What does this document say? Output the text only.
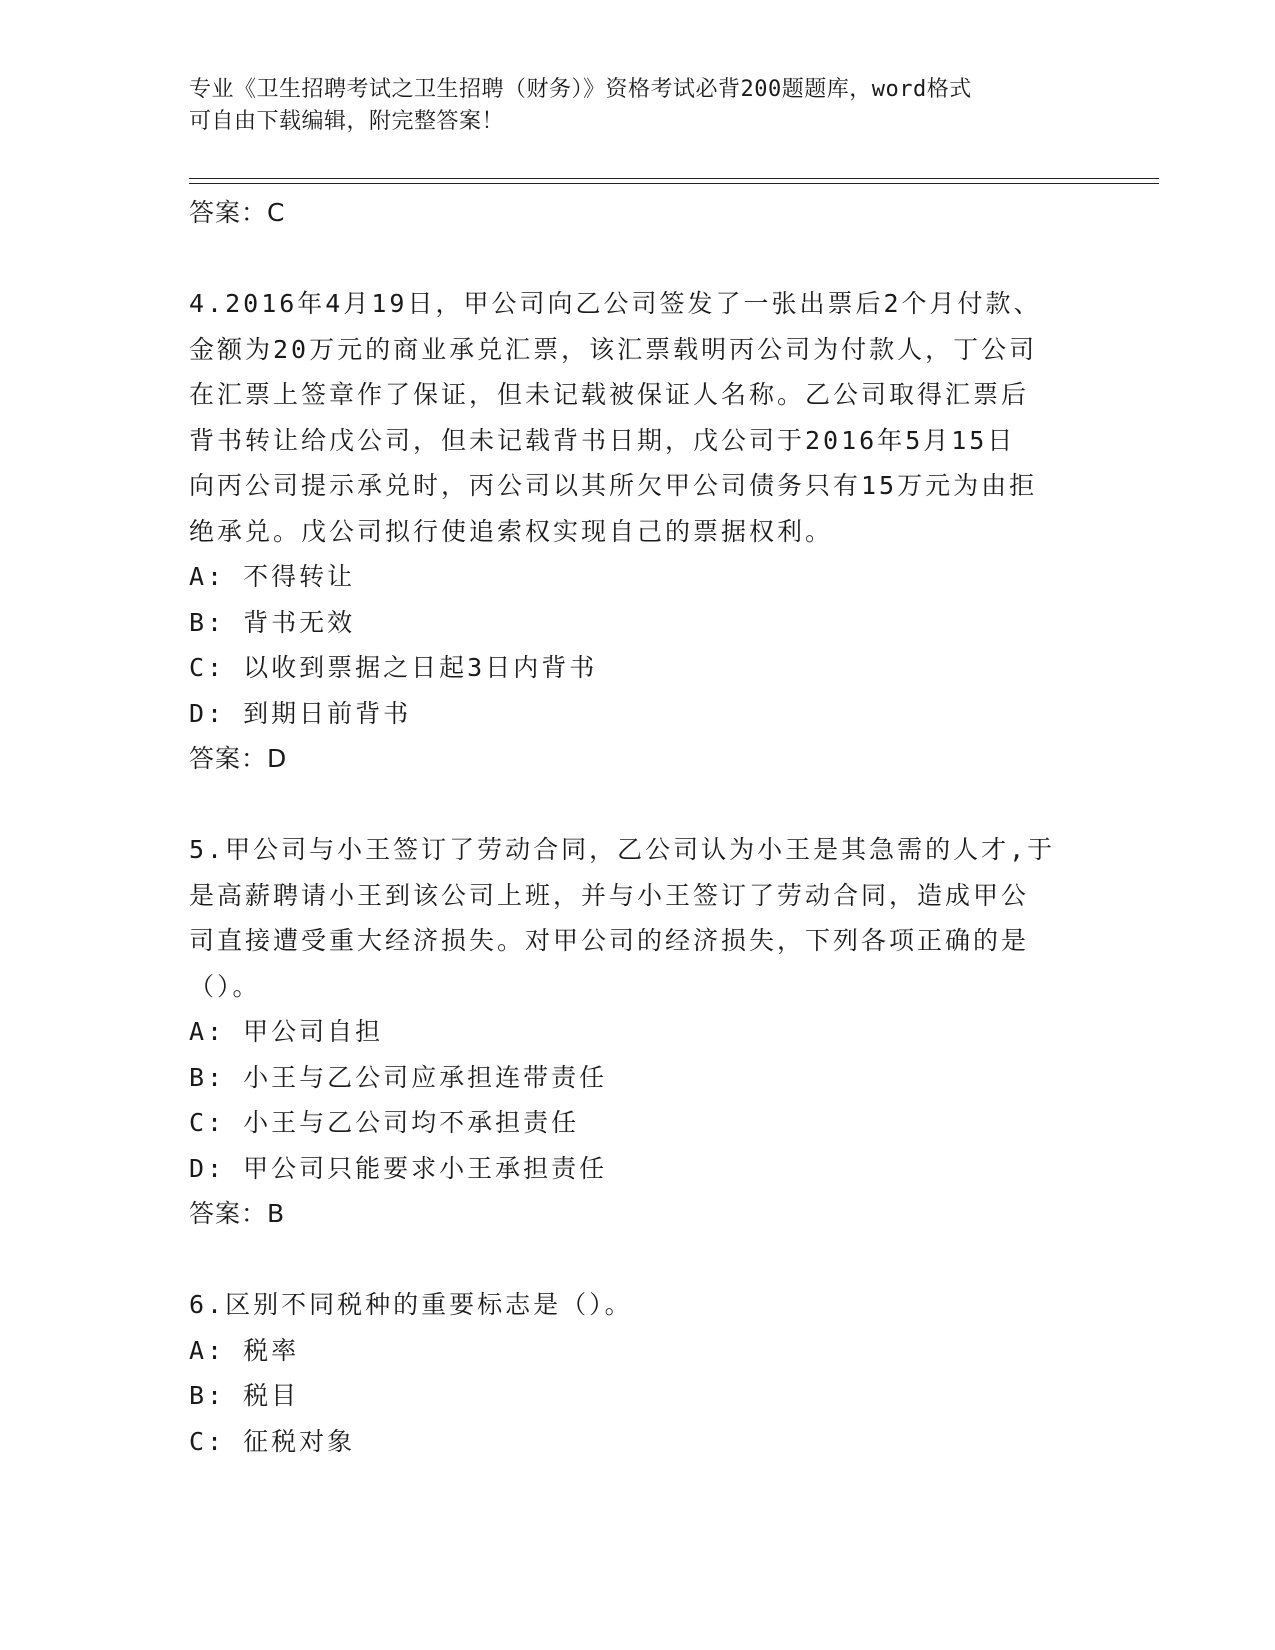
专业《卫生招聘考试之卫生招聘（财务）》资格考试必背200题题库，word格式
可自由下载编辑，附完整答案！
答案：C
4.2016年4月19日，甲公司向乙公司签发了一张出票后2个月付款、
金额为20万元的商业承兑汇票，该汇票载明丙公司为付款人，丁公司
在汇票上签章作了保证，但未记载被保证人名称。乙公司取得汇票后
背书转让给戊公司，但未记载背书日期，戊公司于2016年5月15日
向丙公司提示承兑时，丙公司以其所欠甲公司债务只有15万元为由拒
绝承兑。戊公司拟行使追索权实现自己的票据权利。
A: 不得转让
B: 背书无效
C: 以收到票据之日起3日内背书
D: 到期日前背书
答案：D
5.甲公司与小王签订了劳动合同，乙公司认为小王是其急需的人才,于
是高薪聘请小王到该公司上班，并与小王签订了劳动合同，造成甲公
司直接遭受重大经济损失。对甲公司的经济损失，下列各项正确的是
（）。
A: 甲公司自担
B: 小王与乙公司应承担连带责任
C: 小王与乙公司均不承担责任
D: 甲公司只能要求小王承担责任
答案：B
6.区别不同税种的重要标志是（）。
A: 税率
B: 税目
C: 征税对象
